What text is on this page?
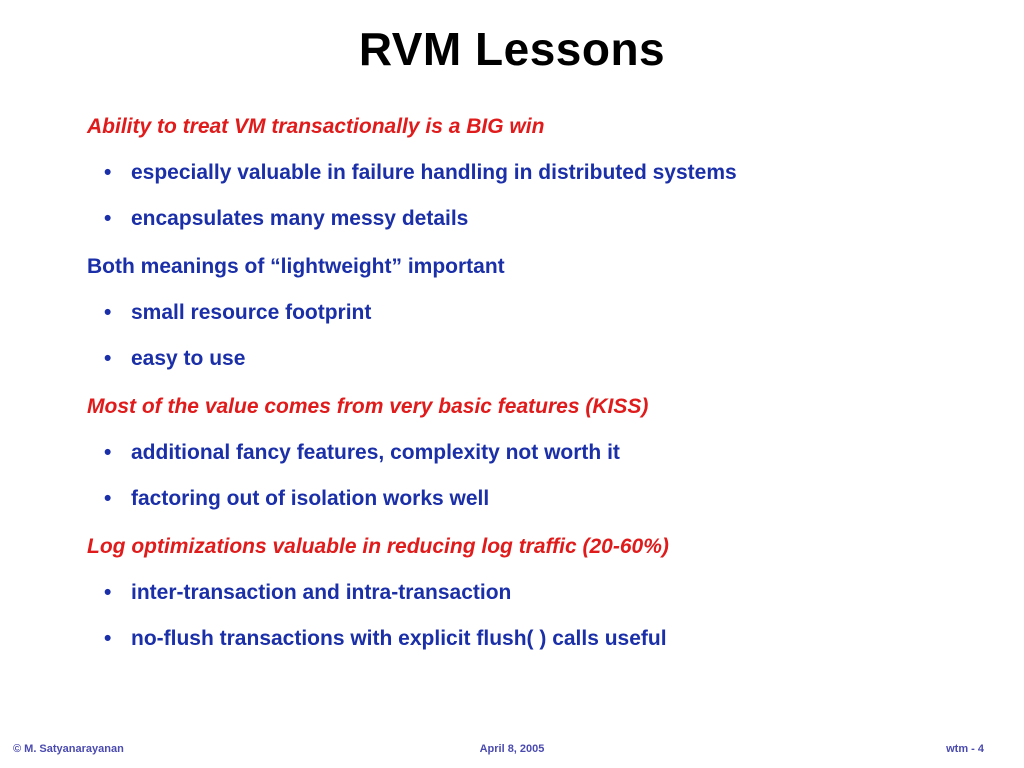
RVM Lessons
Ability to treat VM transactionally is a BIG win
• especially valuable in failure handling in distributed systems
• encapsulates many messy details
Both meanings of “lightweight” important
• small resource footprint
• easy to use
Most of the value comes from very basic features (KISS)
• additional fancy features, complexity not worth it
• factoring out of isolation works well
Log optimizations valuable in reducing log traffic (20-60%)
• inter-transaction and intra-transaction
• no-flush transactions with explicit flush( ) calls useful
© M. Satyanarayanan	April 8, 2005	wtm - 4
